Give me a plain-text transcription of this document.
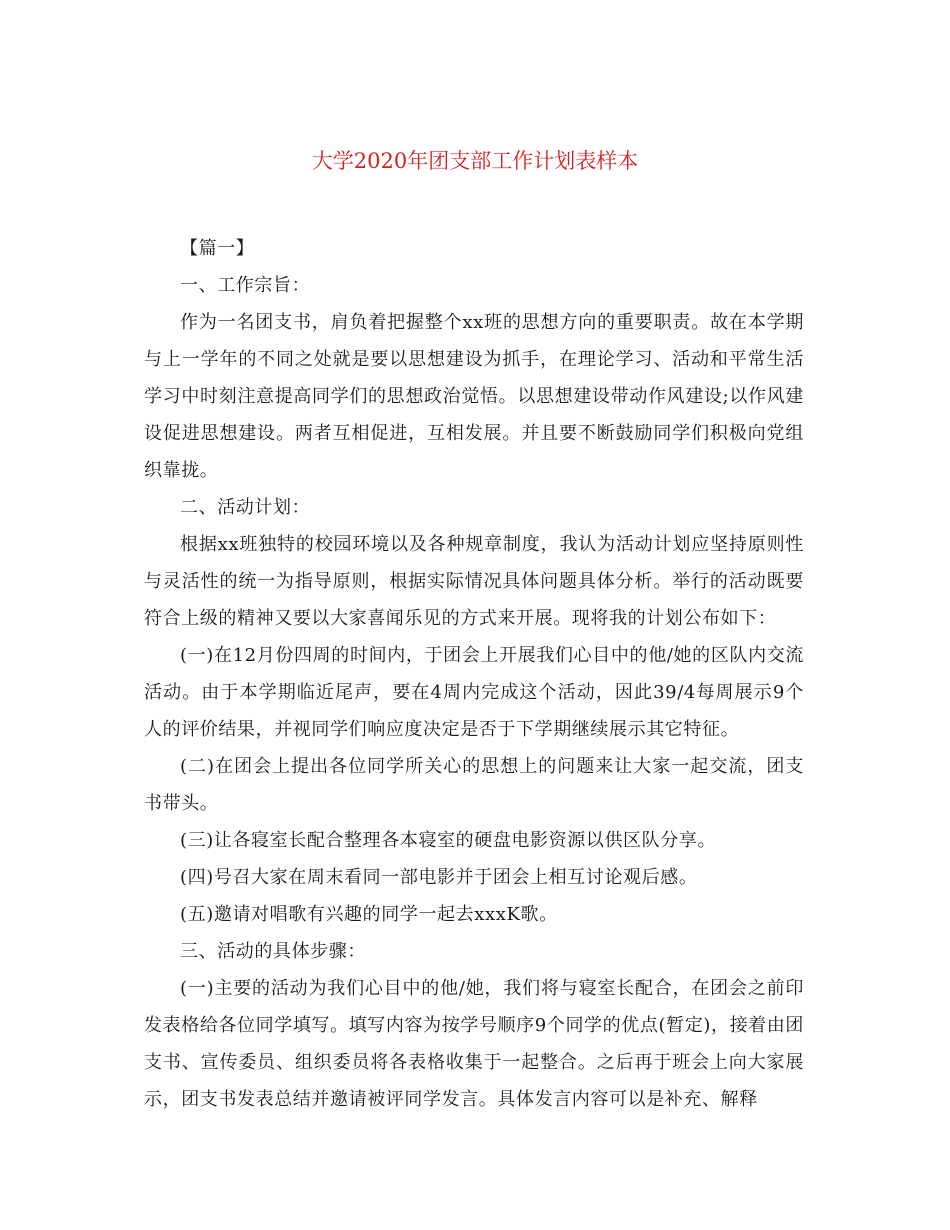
大学2020年团支部工作计划表样本

【篇一】

一、工作宗旨：

作为一名团支书，肩负着把握整个xx班的思想方向的重要职责。故在本学期与上一学年的不同之处就是要以思想建设为抓手，在理论学习、活动和平常生活学习中时刻注意提高同学们的思想政治觉悟。以思想建设带动作风建设;以作风建设促进思想建设。两者互相促进，互相发展。并且要不断鼓励同学们积极向党组织靠拢。

二、活动计划：

根据xx班独特的校园环境以及各种规章制度，我认为活动计划应坚持原则性与灵活性的统一为指导原则，根据实际情况具体问题具体分析。举行的活动既要符合上级的精神又要以大家喜闻乐见的方式来开展。现将我的计划公布如下：

(一)在12月份四周的时间内，于团会上开展我们心目中的他/她的区队内交流活动。由于本学期临近尾声，要在4周内完成这个活动，因此39/4每周展示9个人的评价结果，并视同学们响应度决定是否于下学期继续展示其它特征。

(二)在团会上提出各位同学所关心的思想上的问题来让大家一起交流，团支书带头。

(三)让各寝室长配合整理各本寝室的硬盘电影资源以供区队分享。

(四)号召大家在周末看同一部电影并于团会上相互讨论观后感。

(五)邀请对唱歌有兴趣的同学一起去xxxK歌。

三、活动的具体步骤：

(一)主要的活动为我们心目中的他/她，我们将与寝室长配合，在团会之前印发表格给各位同学填写。填写内容为按学号顺序9个同学的优点(暂定)，接着由团支书、宣传委员、组织委员将各表格收集于一起整合。之后再于班会上向大家展示，团支书发表总结并邀请被评同学发言。具体发言内容可以是补充、解释
